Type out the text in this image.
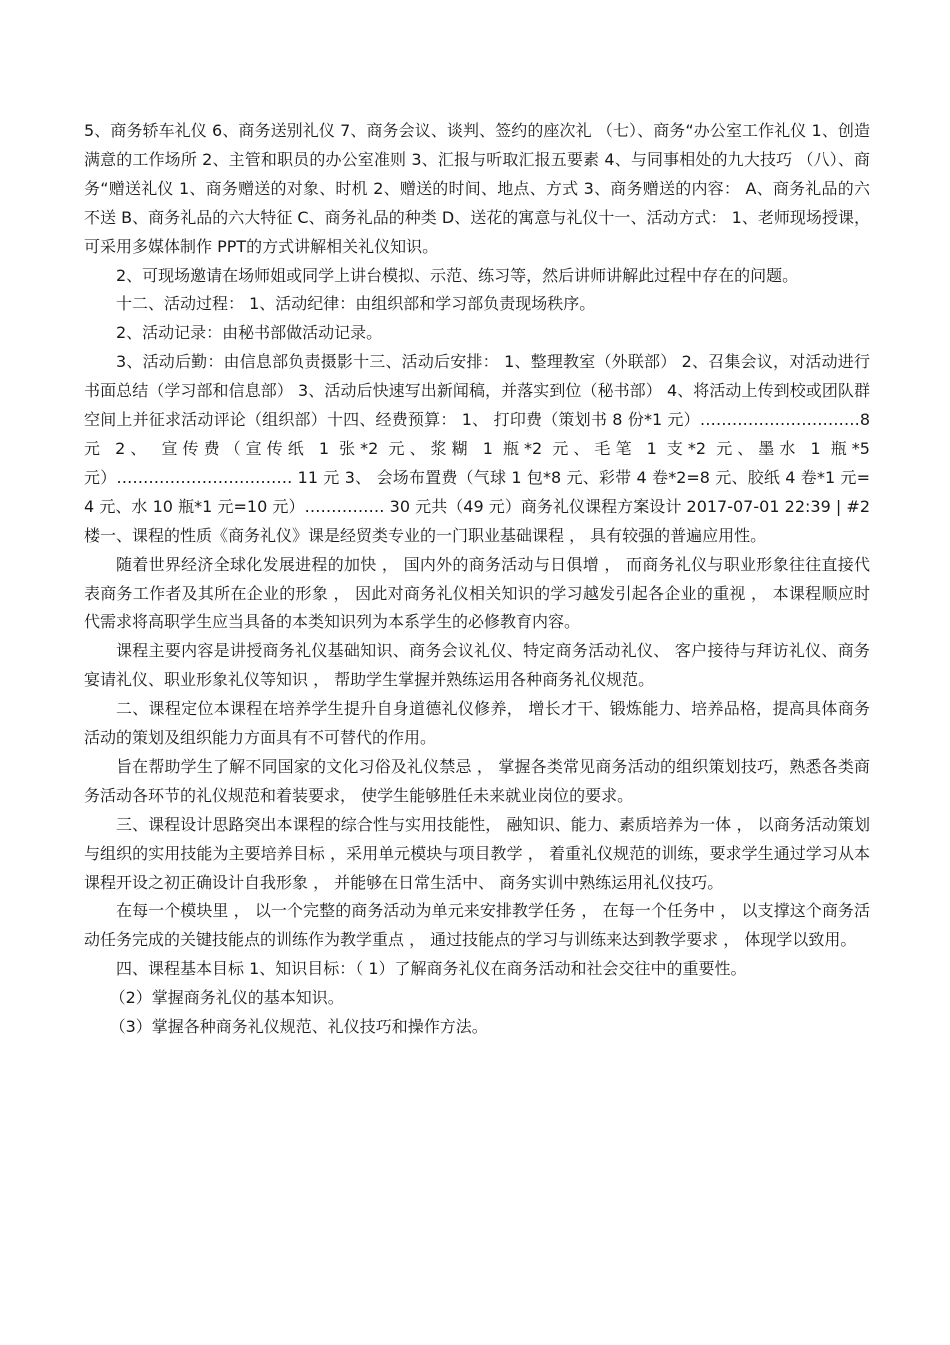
5、商务轿车礼仪 6、商务送别礼仪 7、商务会议、谈判、签约的座次礼 （七）、商务“办公室工作礼仪 1、创造满意的工作场所 2、主管和职员的办公室准则 3、汇报与听取汇报五要素 4、与同事相处的九大技巧 （八）、商务“赠送礼仪 1、商务赠送的对象、时机 2、赠送的时间、地点、方式 3、商务赠送的内容： A、商务礼品的六不送 B、商务礼品的六大特征 C、商务礼品的种类 D、送花的寓意与礼仪十一、活动方式： 1、老师现场授课，可采用多媒体制作 PPT的方式讲解相关礼仪知识。

2、可现场邀请在场师姐或同学上讲台模拟、示范、练习等，然后讲师讲解此过程中存在的问题。

十二、活动过程： 1、活动纪律：由组织部和学习部负责现场秩序。

2、活动记录：由秘书部做活动记录。

3、活动后勤：由信息部负责摄影十三、活动后安排： 1、整理教室（外联部） 2、召集会议，对活动进行书面总结（学习部和信息部） 3、活动后快速写出新闻稿，并落实到位（秘书部） 4、将活动上传到校或团队群空间上并征求活动评论（组织部）十四、经费预算： 1、 打印费（策划书 8 份*1 元）…………………………8 元 2、 宣传费（宣传纸 1 张*2 元、浆糊 1 瓶*2 元、毛笔 1 支*2 元、墨水 1 瓶*5 元）…………………………… 11 元 3、 会场布置费（气球 1 包*8 元、彩带 4 卷*2=8 元、胶纸 4 卷*1 元=4 元、水 10 瓶*1 元=10 元）…………… 30 元共（49 元）商务礼仪课程方案设计 2017-07-01 22:39 | #2 楼一、课程的性质《商务礼仪》课是经贸类专业的一门职业基础课程 ， 具有较强的普遍应用性。

随着世界经济全球化发展进程的加快 ， 国内外的商务活动与日俱增 ， 而商务礼仪与职业形象往往直接代表商务工作者及其所在企业的形象 ， 因此对商务礼仪相关知识的学习越发引起各企业的重视 ， 本课程顺应时代需求将高职学生应当具备的本类知识列为本系学生的必修教育内容。

课程主要内容是讲授商务礼仪基础知识、商务会议礼仪、特定商务活动礼仪、 客户接待与拜访礼仪、商务宴请礼仪、职业形象礼仪等知识 ， 帮助学生掌握并熟练运用各种商务礼仪规范。

二、课程定位本课程在培养学生提升自身道德礼仪修养， 增长才干、锻炼能力、培养品格，提高具体商务活动的策划及组织能力方面具有不可替代的作用。

旨在帮助学生了解不同国家的文化习俗及礼仪禁忌 ， 掌握各类常见商务活动的组织策划技巧，熟悉各类商务活动各环节的礼仪规范和着装要求， 使学生能够胜任未来就业岗位的要求。

三、课程设计思路突出本课程的综合性与实用技能性， 融知识、能力、素质培养为一体 ， 以商务活动策划与组织的实用技能为主要培养目标 ，采用单元模块与项目教学 ， 着重礼仪规范的训练，要求学生通过学习从本课程开设之初正确设计自我形象 ， 并能够在日常生活中、 商务实训中熟练运用礼仪技巧。

在每一个模块里 ， 以一个完整的商务活动为单元来安排教学任务 ， 在每一个任务中 ， 以支撑这个商务活动任务完成的关键技能点的训练作为教学重点 ， 通过技能点的学习与训练来达到教学要求 ， 体现学以致用。

四、课程基本目标 1、知识目标：（ 1）了解商务礼仪在商务活动和社会交往中的重要性。

（2）掌握商务礼仪的基本知识。

（3）掌握各种商务礼仪规范、礼仪技巧和操作方法。
